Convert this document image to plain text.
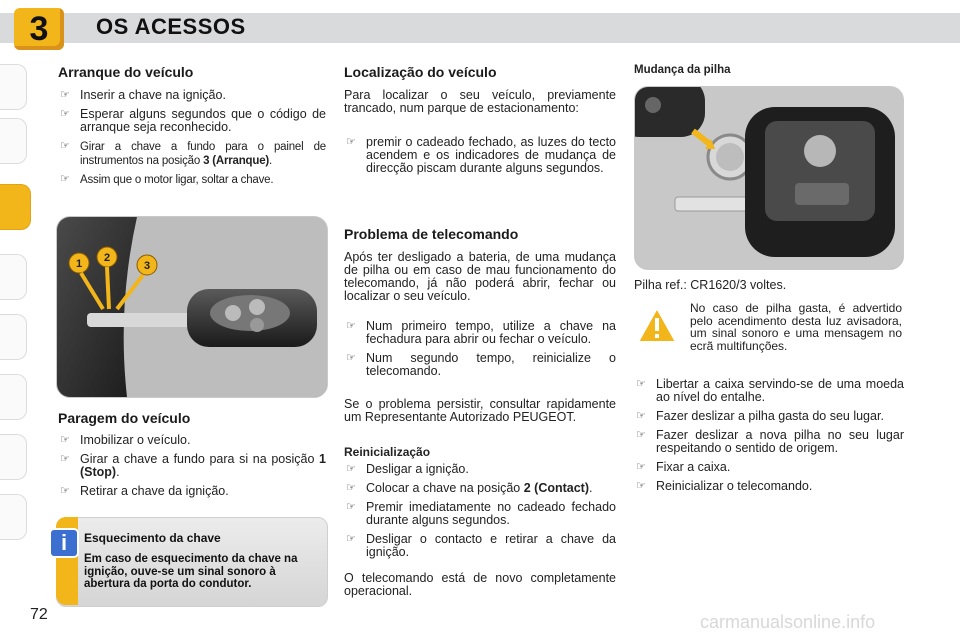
3	OS ACESSOS
Arranque do veículo
☞ Inserir a chave na ignição.
☞ Esperar alguns segundos que o código de arranque seja reconhecido.
☞ Girar a chave a fundo para o painel de instrumentos na posição 3 (Arranque).
☞ Assim que o motor ligar, soltar a chave.
1 2
3
Paragem do veículo
☞ Imobilizar o veículo.
☞ Girar a chave a fundo para si na posição 1 (Stop).
☞ Retirar a chave da ignição.
i	Esquecimento da chave
Em caso de esquecimento da chave na ignição, ouve-se um sinal sonoro à abertura da porta do condutor.
Localização do veículo

Para localizar o seu veículo, previamente trancado, num parque de estacionamento:

☞ premir o cadeado fechado, as luzes do tecto acendem e os indicadores de mudança de direcção piscam durante alguns segundos.
Problema de telecomando

Após ter desligado a bateria, de uma mudança de pilha ou em caso de mau funcionamento do telecomando, já não poderá abrir, fechar ou localizar o seu veículo.

☞ Num primeiro tempo, utilize a chave na fechadura para abrir ou fechar o veículo.
☞ Num segundo tempo, reinicialize o telecomando.

Se o problema persistir, consultar rapidamente um Representante Autorizado PEUGEOT.

Reinicialização
☞ Desligar a ignição.
☞ Colocar a chave na posição 2 (Contact).
☞ Premir imediatamente no cadeado fechado durante alguns segundos.
☞ Desligar o contacto e retirar a chave da ignição.

O telecomando está de novo completamente operacional.

Mudança da pilha
Pilha ref.: CR1620/3 voltes.

No caso de pilha gasta, é advertido pelo acendimento desta luz avisadora, um sinal sonoro e uma mensagem no ecrã multifunções.

☞ Libertar a caixa servindo-se de uma moeda ao nível do entalhe.
☞ Fazer deslizar a pilha gasta do seu lugar.
☞ Fazer deslizar a nova pilha no seu lugar respeitando o sentido de origem.
☞ Fixar a caixa.
☞ Reinicializar o telecomando.
72	carmanualsonline.info
